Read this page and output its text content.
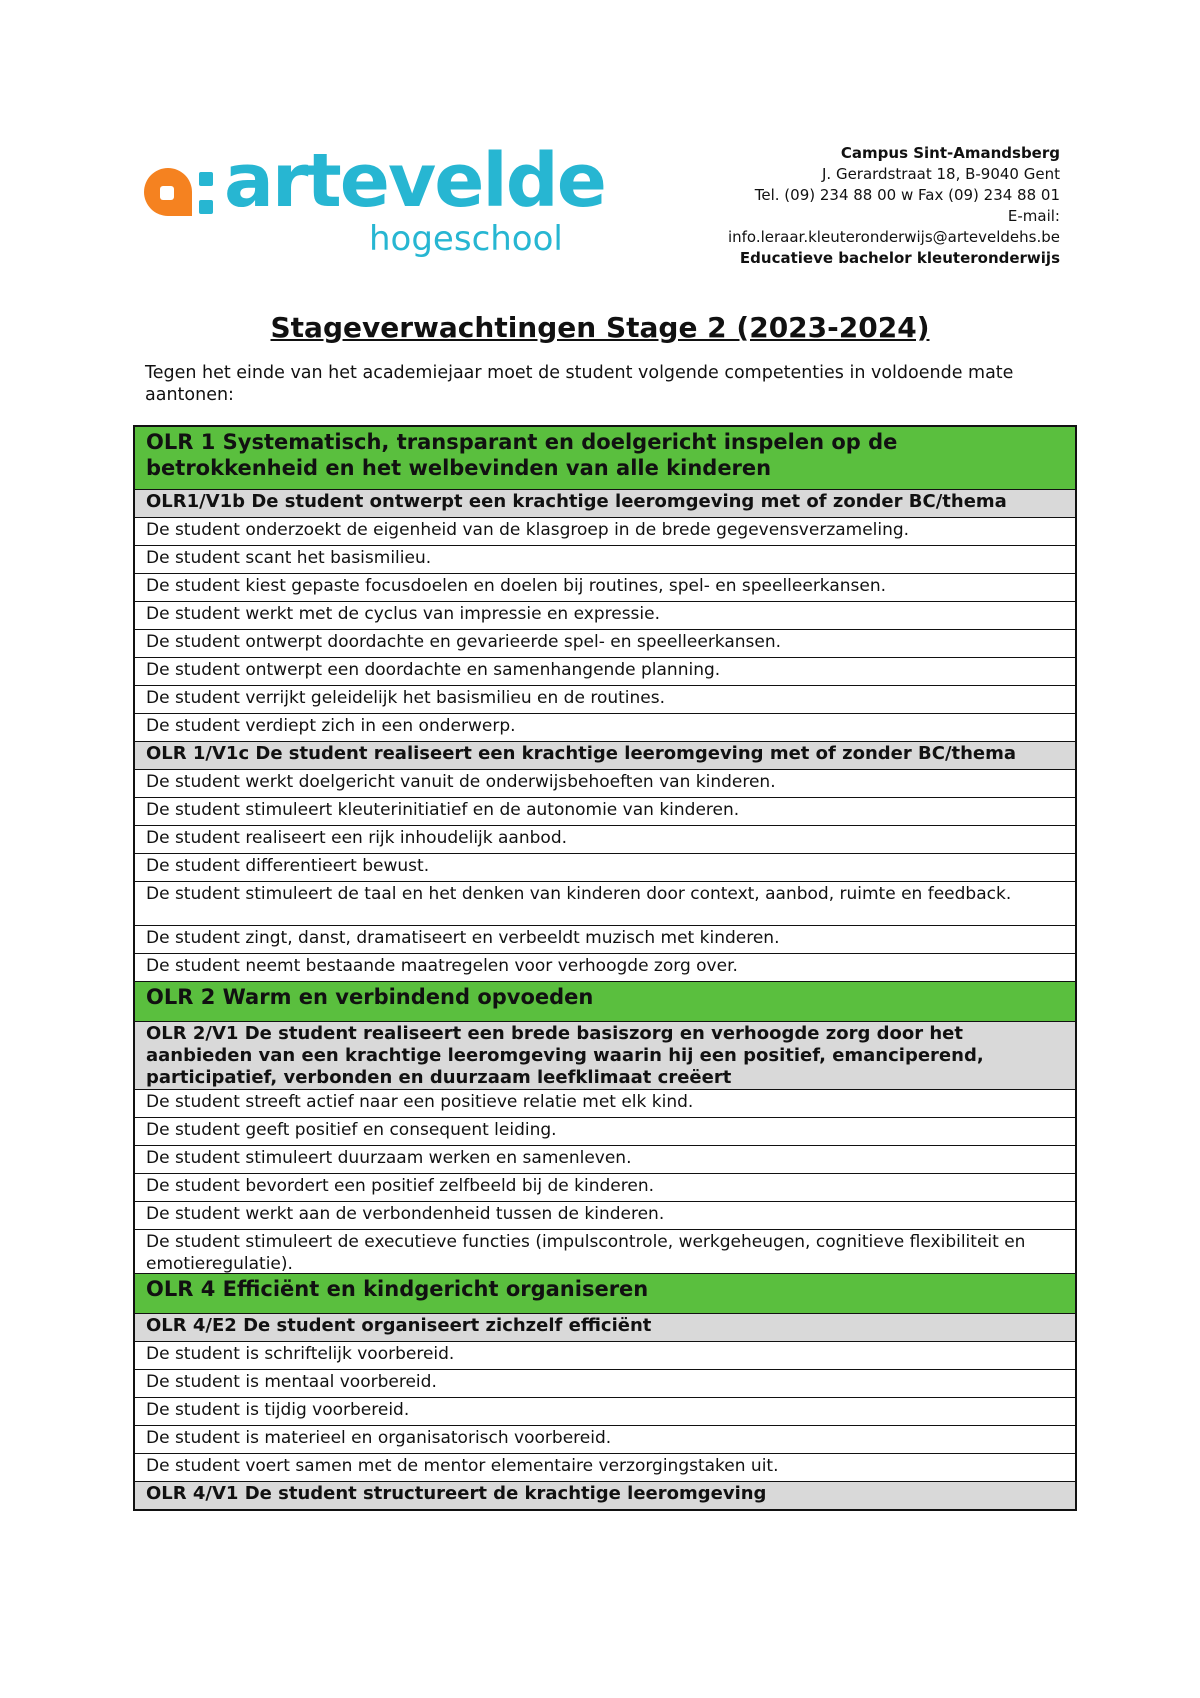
artevelde
hogeschool
Campus Sint-Amandsberg
J. Gerardstraat 18, B-9040 Gent
Tel. (09) 234 88 00 w Fax (09) 234 88 01
E-mail:
info.leraar.kleuteronderwijs@arteveldehs.be
Educatieve bachelor kleuteronderwijs
Stageverwachtingen Stage 2 (2023-2024)
Tegen het einde van het academiejaar moet de student volgende competenties in voldoende mate aantonen:
OLR 1 Systematisch, transparant en doelgericht inspelen op de betrokkenheid en het welbevinden van alle kinderen
OLR1/V1b De student ontwerpt een krachtige leeromgeving met of zonder BC/thema
De student onderzoekt de eigenheid van de klasgroep in de brede gegevensverzameling.
De student scant het basismilieu.
De student kiest gepaste focusdoelen en doelen bij routines, spel- en speelleerkansen.
De student werkt met de cyclus van impressie en expressie.
De student ontwerpt doordachte en gevarieerde spel- en speelleerkansen.
De student ontwerpt een doordachte en samenhangende planning.
De student verrijkt geleidelijk het basismilieu en de routines.
De student verdiept zich in een onderwerp.
OLR 1/V1c De student realiseert een krachtige leeromgeving met of zonder BC/thema
De student werkt doelgericht vanuit de onderwijsbehoeften van kinderen.
De student stimuleert kleuterinitiatief en de autonomie van kinderen.
De student realiseert een rijk inhoudelijk aanbod.
De student differentieert bewust.
De student stimuleert de taal en het denken van kinderen door context, aanbod, ruimte en feedback.
De student zingt, danst, dramatiseert en verbeeldt muzisch met kinderen.
De student neemt bestaande maatregelen voor verhoogde zorg over.
OLR 2 Warm en verbindend opvoeden
OLR 2/V1 De student realiseert een brede basiszorg en verhoogde zorg door het aanbieden van een krachtige leeromgeving waarin hij een positief, emanciperend, participatief, verbonden en duurzaam leefklimaat creëert
De student streeft actief naar een positieve relatie met elk kind.
De student geeft positief en consequent leiding.
De student stimuleert duurzaam werken en samenleven.
De student bevordert een positief zelfbeeld bij de kinderen.
De student werkt aan de verbondenheid tussen de kinderen.
De student stimuleert de executieve functies (impulscontrole, werkgeheugen, cognitieve flexibiliteit en emotieregulatie).
OLR 4 Efficiënt en kindgericht organiseren
OLR 4/E2 De student organiseert zichzelf efficiënt
De student is schriftelijk voorbereid.
De student is mentaal voorbereid.
De student is tijdig voorbereid.
De student is materieel en organisatorisch voorbereid.
De student voert samen met de mentor elementaire verzorgingstaken uit.
OLR 4/V1 De student structureert de krachtige leeromgeving
